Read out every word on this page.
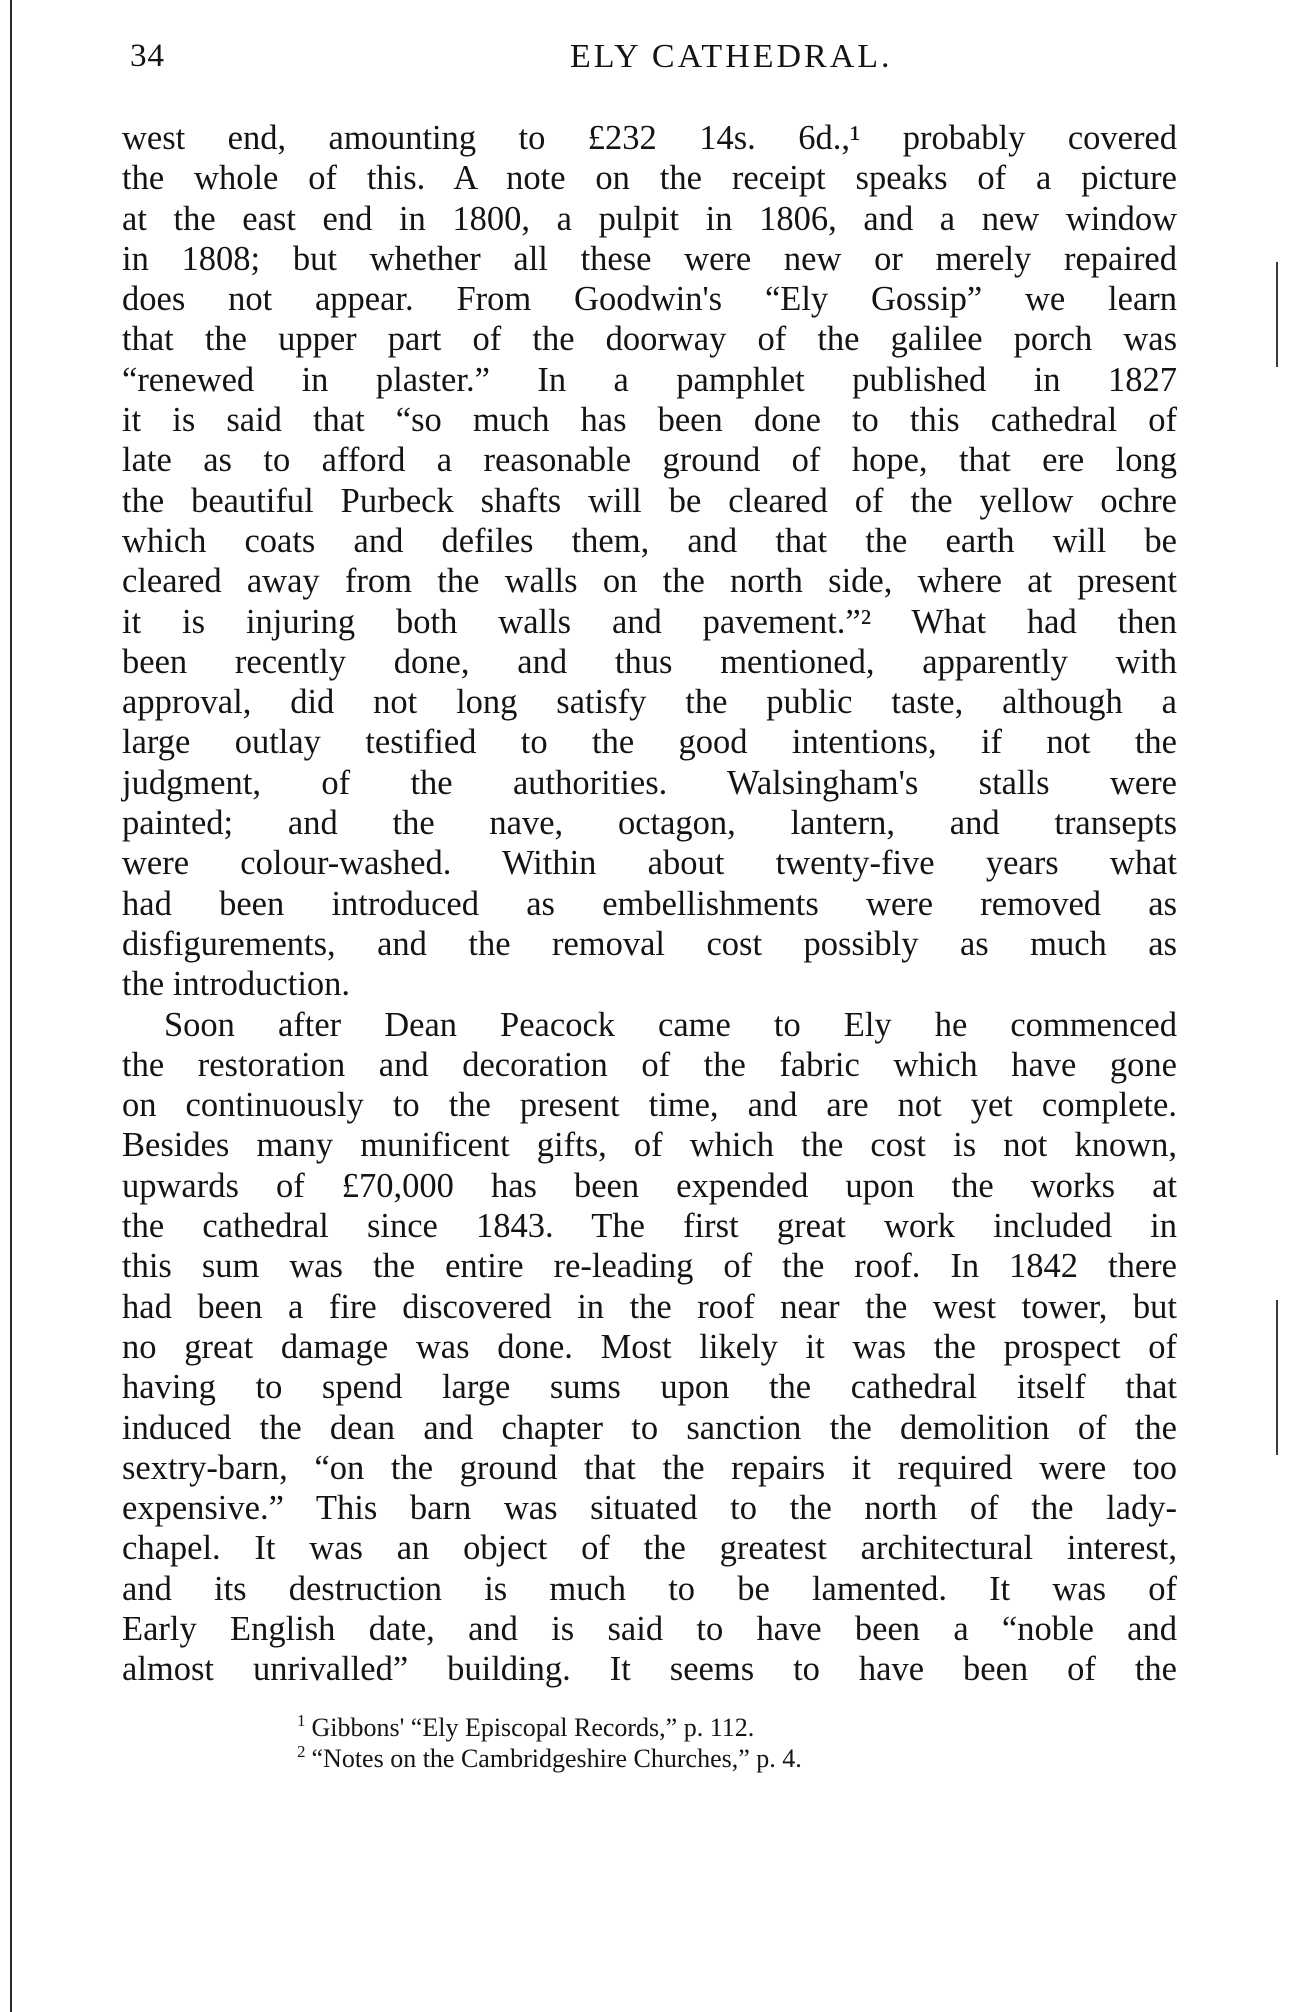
34	ELY CATHEDRAL.
west end, amounting to £232 14s. 6d.,¹ probably covered
the whole of this. A note on the receipt speaks of a picture
at the east end in 1800, a pulpit in 1806, and a new window
in 1808; but whether all these were new or merely repaired
does not appear. From Goodwin's “Ely Gossip” we learn
that the upper part of the doorway of the galilee porch was
“renewed in plaster.” In a pamphlet published in 1827
it is said that “so much has been done to this cathedral of
late as to afford a reasonable ground of hope, that ere long
the beautiful Purbeck shafts will be cleared of the yellow ochre
which coats and defiles them, and that the earth will be
cleared away from the walls on the north side, where at present
it is injuring both walls and pavement.”² What had then
been recently done, and thus mentioned, apparently with
approval, did not long satisfy the public taste, although a
large outlay testified to the good intentions, if not the
judgment, of the authorities. Walsingham's stalls were
painted; and the nave, octagon, lantern, and transepts
were colour-washed. Within about twenty-five years what
had been introduced as embellishments were removed as
disfigurements, and the removal cost possibly as much as
the introduction.
Soon after Dean Peacock came to Ely he commenced
the restoration and decoration of the fabric which have gone
on continuously to the present time, and are not yet complete.
Besides many munificent gifts, of which the cost is not known,
upwards of £70,000 has been expended upon the works at
the cathedral since 1843. The first great work included in
this sum was the entire re-leading of the roof. In 1842 there
had been a fire discovered in the roof near the west tower, but
no great damage was done. Most likely it was the prospect of
having to spend large sums upon the cathedral itself that
induced the dean and chapter to sanction the demolition of the
sextry-barn, “on the ground that the repairs it required were too
expensive.” This barn was situated to the north of the lady-
chapel. It was an object of the greatest architectural interest,
and its destruction is much to be lamented. It was of
Early English date, and is said to have been a “noble and
almost unrivalled” building. It seems to have been of the
$^1$ Gibbons' “Ely Episcopal Records,” p. 112.
$^2$ “Notes on the Cambridgeshire Churches,” p. 4.
